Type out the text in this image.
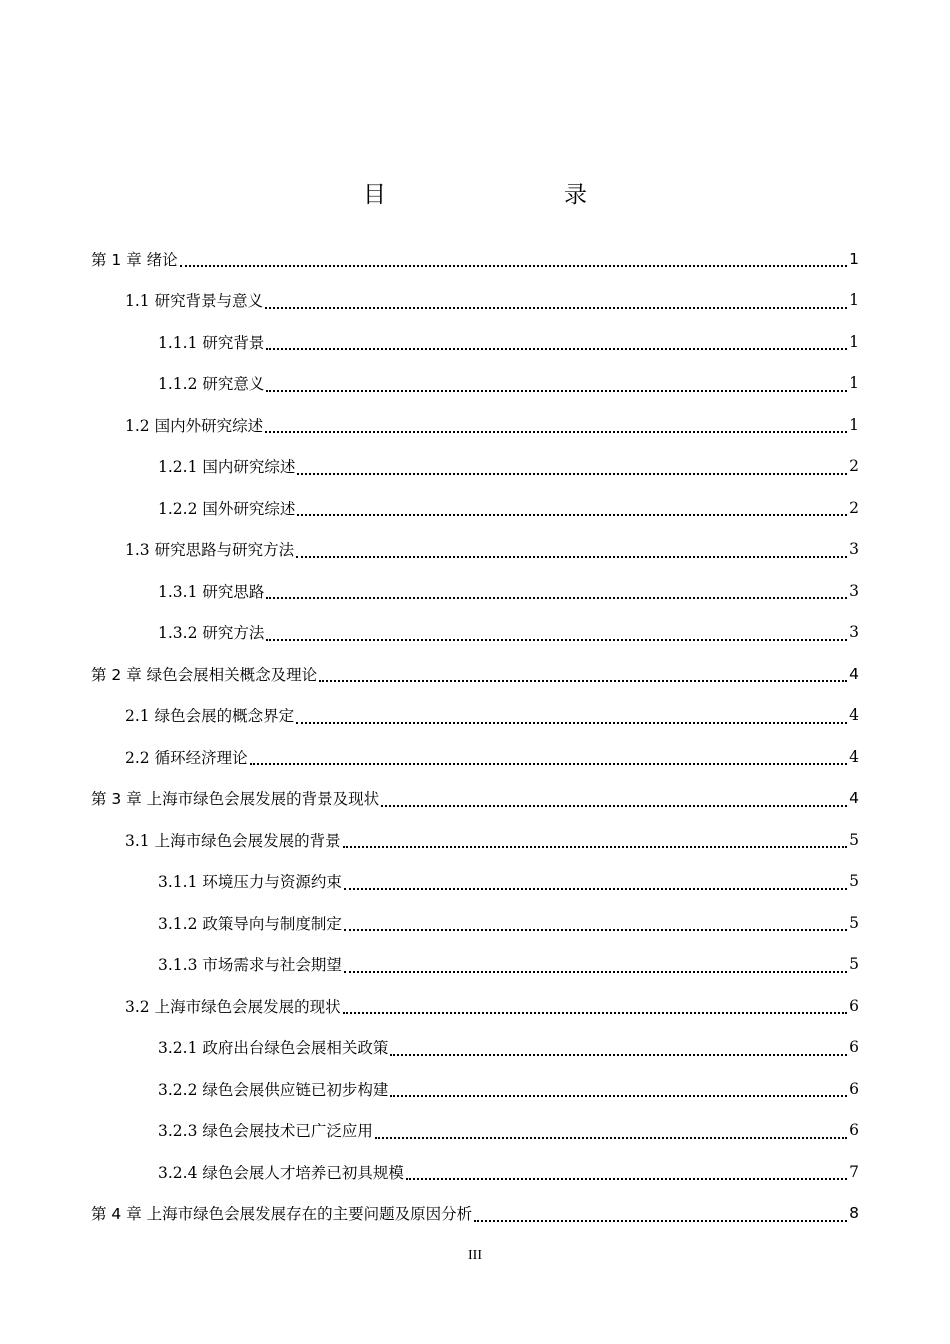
目　　录
第 1 章 绪论	1
1.1 研究背景与意义	1
1.1.1 研究背景	1
1.1.2 研究意义	1
1.2 国内外研究综述	1
1.2.1 国内研究综述	2
1.2.2 国外研究综述	2
1.3 研究思路与研究方法	3
1.3.1 研究思路	3
1.3.2 研究方法	3
第 2 章 绿色会展相关概念及理论	4
2.1 绿色会展的概念界定	4
2.2 循环经济理论	4
第 3 章 上海市绿色会展发展的背景及现状	4
3.1 上海市绿色会展发展的背景	5
3.1.1 环境压力与资源约束	5
3.1.2 政策导向与制度制定	5
3.1.3 市场需求与社会期望	5
3.2 上海市绿色会展发展的现状	6
3.2.1 政府出台绿色会展相关政策	6
3.2.2 绿色会展供应链已初步构建	6
3.2.3 绿色会展技术已广泛应用	6
3.2.4 绿色会展人才培养已初具规模	7
第 4 章 上海市绿色会展发展存在的主要问题及原因分析	8
III
